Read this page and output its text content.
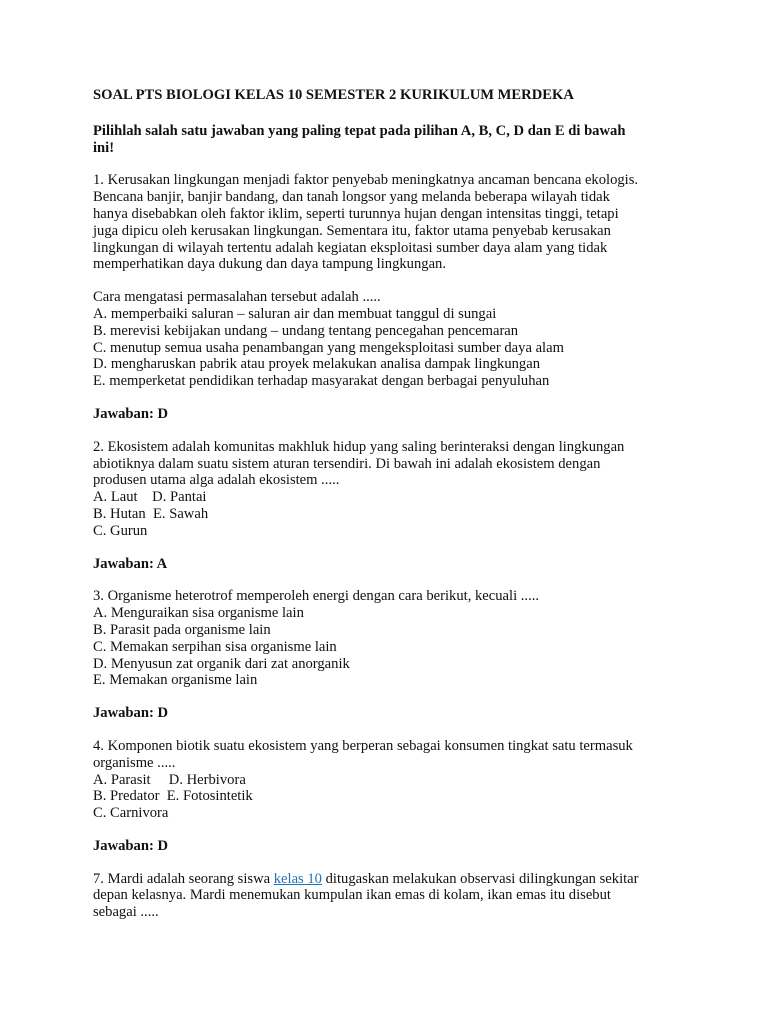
SOAL PTS BIOLOGI KELAS 10 SEMESTER 2 KURIKULUM MERDEKA
Pilihlah salah satu jawaban yang paling tepat pada pilihan A, B, C, D dan E di bawah
ini!
1. Kerusakan lingkungan menjadi faktor penyebab meningkatnya ancaman bencana ekologis.
Bencana banjir, banjir bandang, dan tanah longsor yang melanda beberapa wilayah tidak
hanya disebabkan oleh faktor iklim, seperti turunnya hujan dengan intensitas tinggi, tetapi
juga dipicu oleh kerusakan lingkungan. Sementara itu, faktor utama penyebab kerusakan
lingkungan di wilayah tertentu adalah kegiatan eksploitasi sumber daya alam yang tidak
memperhatikan daya dukung dan daya tampung lingkungan.
Cara mengatasi permasalahan tersebut adalah .....
A. memperbaiki saluran – saluran air dan membuat tanggul di sungai
B. merevisi kebijakan undang – undang tentang pencegahan pencemaran
C. menutup semua usaha penambangan yang mengeksploitasi sumber daya alam
D. mengharuskan pabrik atau proyek melakukan analisa dampak lingkungan
E. memperketat pendidikan terhadap masyarakat dengan berbagai penyuluhan
Jawaban: D
2. Ekosistem adalah komunitas makhluk hidup yang saling berinteraksi dengan lingkungan
abiotiknya dalam suatu sistem aturan tersendiri. Di bawah ini adalah ekosistem dengan
produsen utama alga adalah ekosistem .....
A. Laut    D. Pantai
B. Hutan  E. Sawah
C. Gurun
Jawaban: A
3. Organisme heterotrof memperoleh energi dengan cara berikut, kecuali .....
A. Menguraikan sisa organisme lain
B. Parasit pada organisme lain
C. Memakan serpihan sisa organisme lain
D. Menyusun zat organik dari zat anorganik
E. Memakan organisme lain
Jawaban: D
4. Komponen biotik suatu ekosistem yang berperan sebagai konsumen tingkat satu termasuk
organisme .....
A. Parasit     D. Herbivora
B. Predator  E. Fotosintetik
C. Carnivora
Jawaban: D
7. Mardi adalah seorang siswa kelas 10 ditugaskan melakukan observasi dilingkungan sekitar
depan kelasnya. Mardi menemukan kumpulan ikan emas di kolam, ikan emas itu disebut
sebagai .....
